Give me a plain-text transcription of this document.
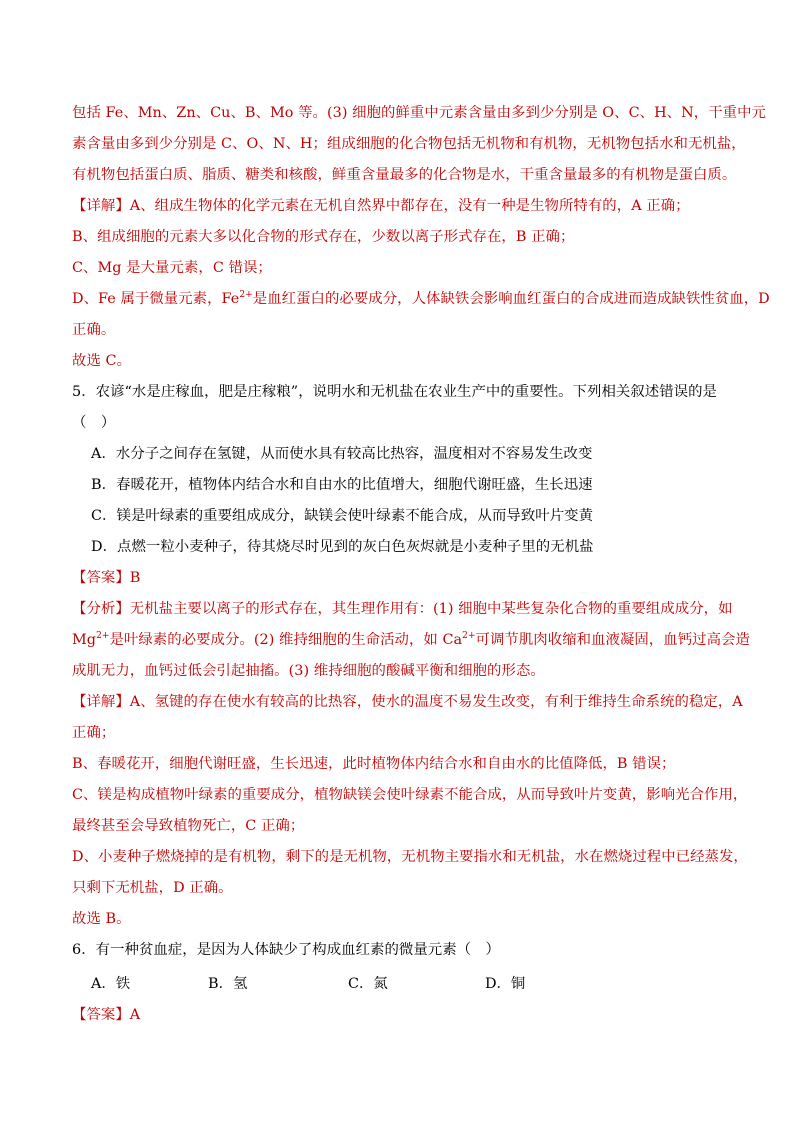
包括 Fe、Mn、Zn、Cu、B、Mo 等。(3) 细胞的鲜重中元素含量由多到少分别是 O、C、H、N，干重中元
素含量由多到少分别是 C、O、N、H；组成细胞的化合物包括无机物和有机物，无机物包括水和无机盐，
有机物包括蛋白质、脂质、糖类和核酸，鲜重含量最多的化合物是水，干重含量最多的有机物是蛋白质。
【详解】A、组成生物体的化学元素在无机自然界中都存在，没有一种是生物所特有的，A 正确；
B、组成细胞的元素大多以化合物的形式存在，少数以离子形式存在，B 正确；
C、Mg 是大量元素，C 错误；
D、Fe 属于微量元素，$Fe^{2+}$是血红蛋白的必要成分，人体缺铁会影响血红蛋白的合成进而造成缺铁性贫血，D
正确。
故选 C。
5．农谚“水是庄稼血，肥是庄稼粮”，说明水和无机盐在农业生产中的重要性。下列相关叙述错误的是
（　）
A．水分子之间存在氢键，从而使水具有较高比热容，温度相对不容易发生改变
B．春暖花开，植物体内结合水和自由水的比值增大，细胞代谢旺盛，生长迅速
C．镁是叶绿素的重要组成成分，缺镁会使叶绿素不能合成，从而导致叶片变黄
D．点燃一粒小麦种子，待其烧尽时见到的灰白色灰烬就是小麦种子里的无机盐
【答案】B
【分析】无机盐主要以离子的形式存在，其生理作用有：(1) 细胞中某些复杂化合物的重要组成成分，如
$Mg^{2+}$是叶绿素的必要成分。(2) 维持细胞的生命活动，如 $Ca^{2+}$可调节肌肉收缩和血液凝固，血钙过高会造
成肌无力，血钙过低会引起抽搐。(3) 维持细胞的酸碱平衡和细胞的形态。
【详解】A、氢键的存在使水有较高的比热容，使水的温度不易发生改变，有利于维持生命系统的稳定，A
正确；
B、春暖花开，细胞代谢旺盛，生长迅速，此时植物体内结合水和自由水的比值降低，B 错误；
C、镁是构成植物叶绿素的重要成分，植物缺镁会使叶绿素不能合成，从而导致叶片变黄，影响光合作用，
最终甚至会导致植物死亡，C 正确；
D、小麦种子燃烧掉的是有机物，剩下的是无机物，无机物主要指水和无机盐，水在燃烧过程中已经蒸发，
只剩下无机盐，D 正确。
故选 B。
6．有一种贫血症，是因为人体缺少了构成血红素的微量元素（　）
A．铁	B．氢	C．氮	D．铜
【答案】A
